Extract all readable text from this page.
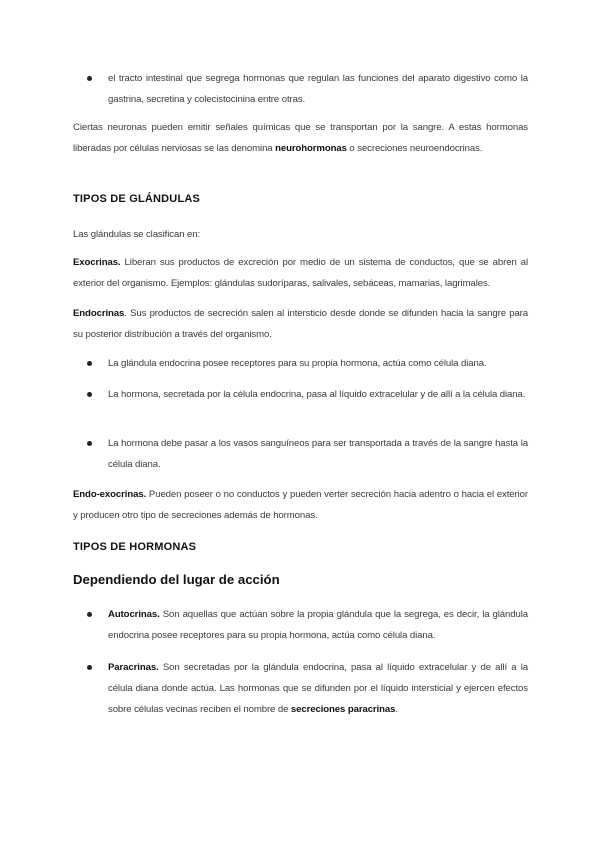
el tracto intestinal que segrega hormonas que regulan las funciones del aparato digestivo como la gastrina, secretina y colecistocinina entre otras.

Ciertas neuronas pueden emitir señales químicas que se transportan por la sangre. A estas hormonas liberadas por células nerviosas se las denomina neurohormonas o secreciones neuroendocrinas.

TIPOS DE GLÁNDULAS

Las glándulas se clasifican en:

Exocrinas. Liberan sus productos de excreción por medio de un sistema de conductos, que se abren al exterior del organismo. Ejemplos: glándulas sudoríparas, salivales, sebáceas, mamarias, lagrimales.

Endocrinas. Sus productos de secreción salen al intersticio desde donde se difunden hacia la sangre para su posterior distribución a través del organismo.

La glándula endocrina posee receptores para su propia hormona, actúa como célula diana.
La hormona, secretada por la célula endocrina, pasa al líquido extracelular y de allí a la célula diana.
La hormona debe pasar a los vasos sanguíneos para ser transportada a través de la sangre hasta la célula diana.

Endo-exocrinas. Pueden poseer o no conductos y pueden verter secreción hacia adentro o hacia el exterior y producen otro tipo de secreciones además de hormonas.

TIPOS DE HORMONAS
Dependiendo del lugar de acción
Autocrinas. Son aquellas que actúan sobre la propia glándula que la segrega, es decir, la glándula endocrina posee receptores para su propia hormona, actúa como célula diana.
Paracrinas. Son secretadas por la glándula endocrina, pasa al líquido extracelular y de allí a la célula diana donde actúa. Las hormonas que se difunden por el líquido intersticial y ejercen efectos sobre células vecinas reciben el nombre de secreciones paracrinas.
